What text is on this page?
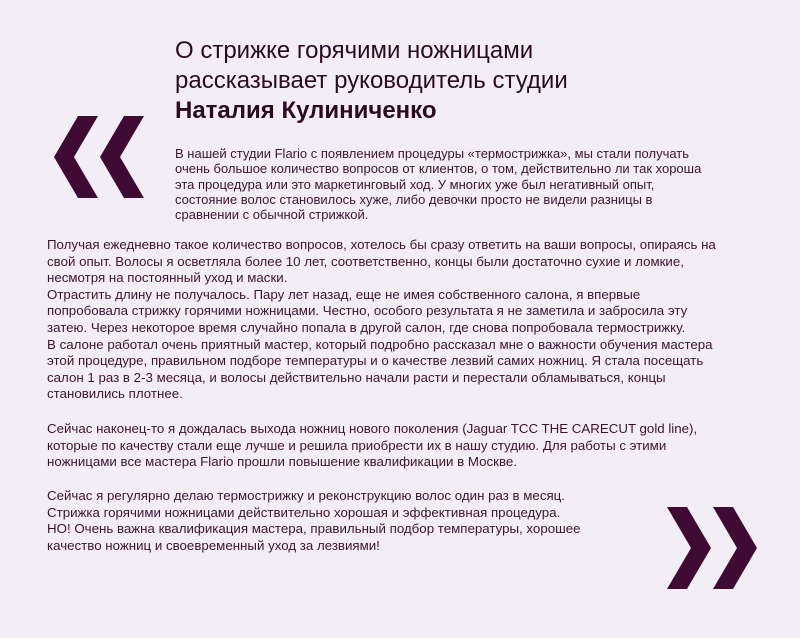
О стрижке горячими ножницами
рассказывает руководитель студии
Наталия Кулиниченко
В нашей студии Flario с появлением процедуры «термострижка», мы стали получать
очень большое количество вопросов от клиентов, о том, действительно ли так хороша
эта процедура или это маркетинговый ход. У многих уже был негативный опыт,
состояние волос становилось хуже, либо девочки просто не видели разницы в
сравнении с обычной стрижкой.
Получая ежедневно такое количество вопросов, хотелось бы сразу ответить на ваши вопросы, опираясь на
свой опыт. Волосы я осветляла более 10 лет, соответственно, концы были достаточно сухие и ломкие,
несмотря на постоянный уход и маски.
Отрастить длину не получалось. Пару лет назад, еще не имея собственного салона, я впервые
попробовала стрижку горячими ножницами. Честно, особого результата я не заметила и забросила эту
затею. Через некоторое время случайно попала в другой салон, где снова попробовала термострижку.
В салоне работал очень приятный мастер, который подробно рассказал мне о важности обучения мастера
этой процедуре, правильном подборе температуры и о качестве лезвий самих ножниц. Я стала посещать
салон 1 раз в 2-3 месяца, и волосы действительно начали расти и перестали обламываться, концы
становились плотнее.
Сейчас наконец-то я дождалась выхода ножниц нового поколения (Jaguar TCC THE CARECUT gold line),
которые по качеству стали еще лучше и решила приобрести их в нашу студию. Для работы с этими
ножницами все мастера Flario прошли повышение квалификации в Москве.
Сейчас я регулярно делаю термострижку и реконструкцию волос один раз в месяц.
Стрижка горячими ножницами действительно хорошая и эффективная процедура.
НО! Очень важна квалификация мастера, правильный подбор температуры, хорошее
качество ножниц и своевременный уход за лезвиями!
